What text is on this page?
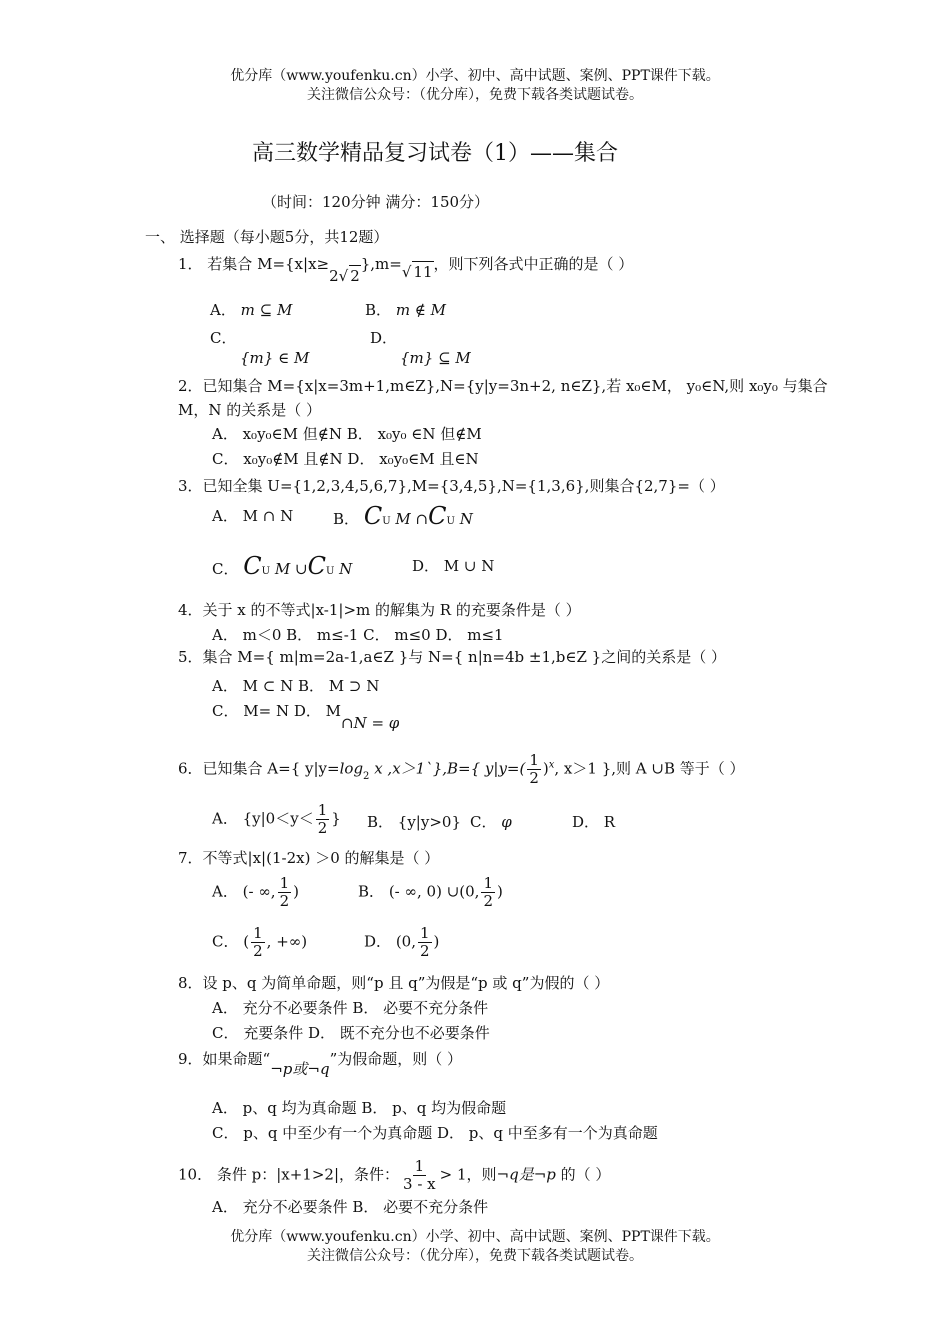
优分库（www.youfenku.cn）小学、初中、高中试题、案例、PPT课件下载。
关注微信公众号：（优分库），免费下载各类试题试卷。
高三数学精品复习试卷（1）——集合
（时间：120分钟 满分：150分）
一、 选择题（每小题5分，共12题）
1． 若集合 M={x|x≥2√ 2},m=√ 11，则下列各式中正确的是（ ）
A． m ⊆ M	B． m ∉ M
C．
{m} ∈ M
D．
{m} ⊆ M
2．已知集合 M={x|x=3m+1,m∈Z},N={y|y=3n+2, n∈Z},若 x₀∈M， y₀∈N,则 x₀y₀ 与集合
M，N 的关系是（ ）
A． x₀y₀∈M 但∉N B． x₀y₀ ∈N 但∉M
C． x₀y₀∉M 且∉N D． x₀y₀∈M 且∈N
3．已知全集 U={1,2,3,4,5,6,7},M={3,4,5},N={1,3,6},则集合{2,7}=（ ）
A． M ∩ N	B． CU M ∩CU N
C． CU M ∪CU N	D． M ∪ N
4．关于 x 的不等式|x-1|>m 的解集为 R 的充要条件是（ ）
A． m＜0 B． m≤-1 C． m≤0 D． m≤1
5．集合 M={ m|m=2a-1,a∈Z }与 N={ n|n=4b ±1,b∈Z }之间的关系是（ ）
A． M ⊂ N B． M ⊃ N
C． M= N D． M∩N = φ
6．已知集合 A={ $y|y=\log_2$ x ,x＞1`},B={ $y|y=( \frac{1}{2} )^x$, x＞1 },则 A ∪B 等于（ ）
A． {$y|0<y< \frac{1}{2}$ } B． {y|y>0} C． φ	D． R
7．不等式|x|(1-2x) ＞0 的解集是（ ）
A． (- ∞, $\frac{1}{2}$ )	B． (- ∞, 0) ∪(0, $\frac{1}{2}$ )
C． ( $\frac{1}{2}$ , +∞)	D． (0, $\frac{1}{2}$ )
8．设 p、q 为简单命题，则“p 且 q”为假是“p 或 q”为假的（ ）
A． 充分不必要条件 B． 必要不充分条件
C． 充要条件 D． 既不充分也不必要条件
9．如果命题“¬p或¬q”为假命题，则（ ）
A． p、q 均为真命题 B． p、q 均为假命题
C． p、q 中至少有一个为真命题 D． p、q 中至多有一个为真命题
10． 条件 p：|x+1>2|，条件： $\frac{1}{3 - x} > 1$，则¬q是¬p 的（ ）
A． 充分不必要条件 B． 必要不充分条件
优分库（www.youfenku.cn）小学、初中、高中试题、案例、PPT课件下载。
关注微信公众号：（优分库），免费下载各类试题试卷。
